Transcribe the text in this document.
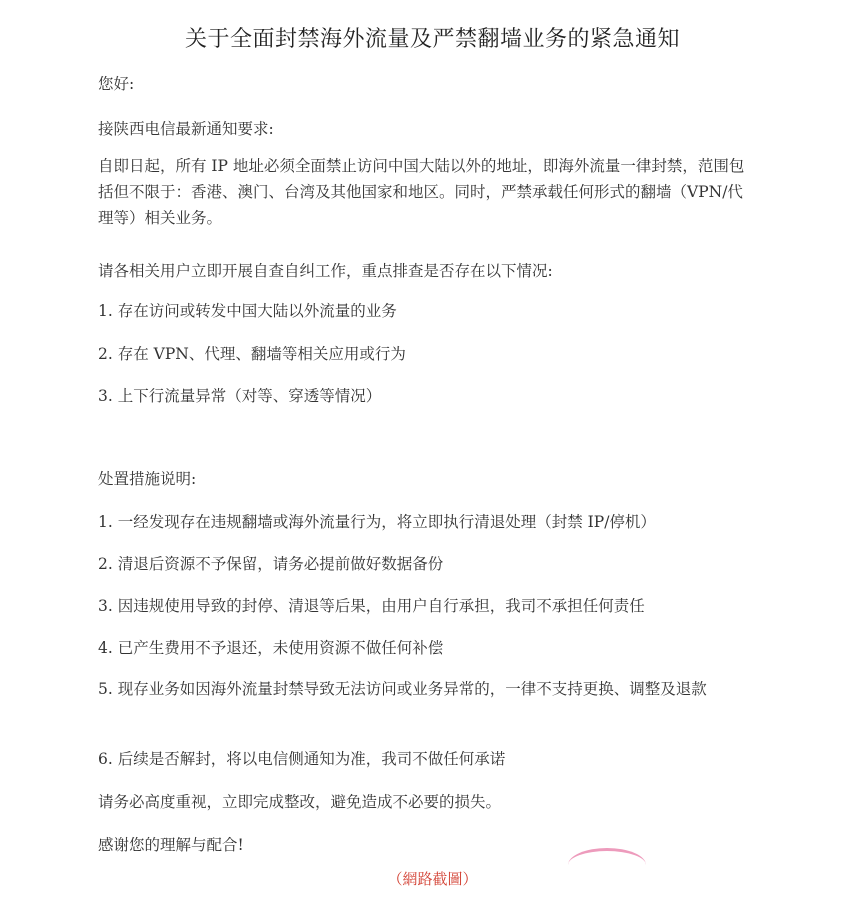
关于全面封禁海外流量及严禁翻墙业务的紧急通知
您好:
接陕西电信最新通知要求:
自即日起，所有 IP 地址必须全面禁止访问中国大陆以外的地址，即海外流量一律封禁，范围包括但不限于：香港、澳门、台湾及其他国家和地区。同时，严禁承载任何形式的翻墙（VPN/代理等）相关业务。
请各相关用户立即开展自查自纠工作，重点排查是否存在以下情况:
1. 存在访问或转发中国大陆以外流量的业务
2. 存在 VPN、代理、翻墙等相关应用或行为
3. 上下行流量异常（对等、穿透等情况）
处置措施说明:
1. 一经发现存在违规翻墙或海外流量行为，将立即执行清退处理（封禁 IP/停机）
2. 清退后资源不予保留，请务必提前做好数据备份
3. 因违规使用导致的封停、清退等后果，由用户自行承担，我司不承担任何责任
4. 已产生费用不予退还，未使用资源不做任何补偿
5. 现存业务如因海外流量封禁导致无法访问或业务异常的，一律不支持更换、调整及退款
6. 后续是否解封，将以电信侧通知为准，我司不做任何承诺
请务必高度重视，立即完成整改，避免造成不必要的损失。
感谢您的理解与配合!
（網路截圖）
